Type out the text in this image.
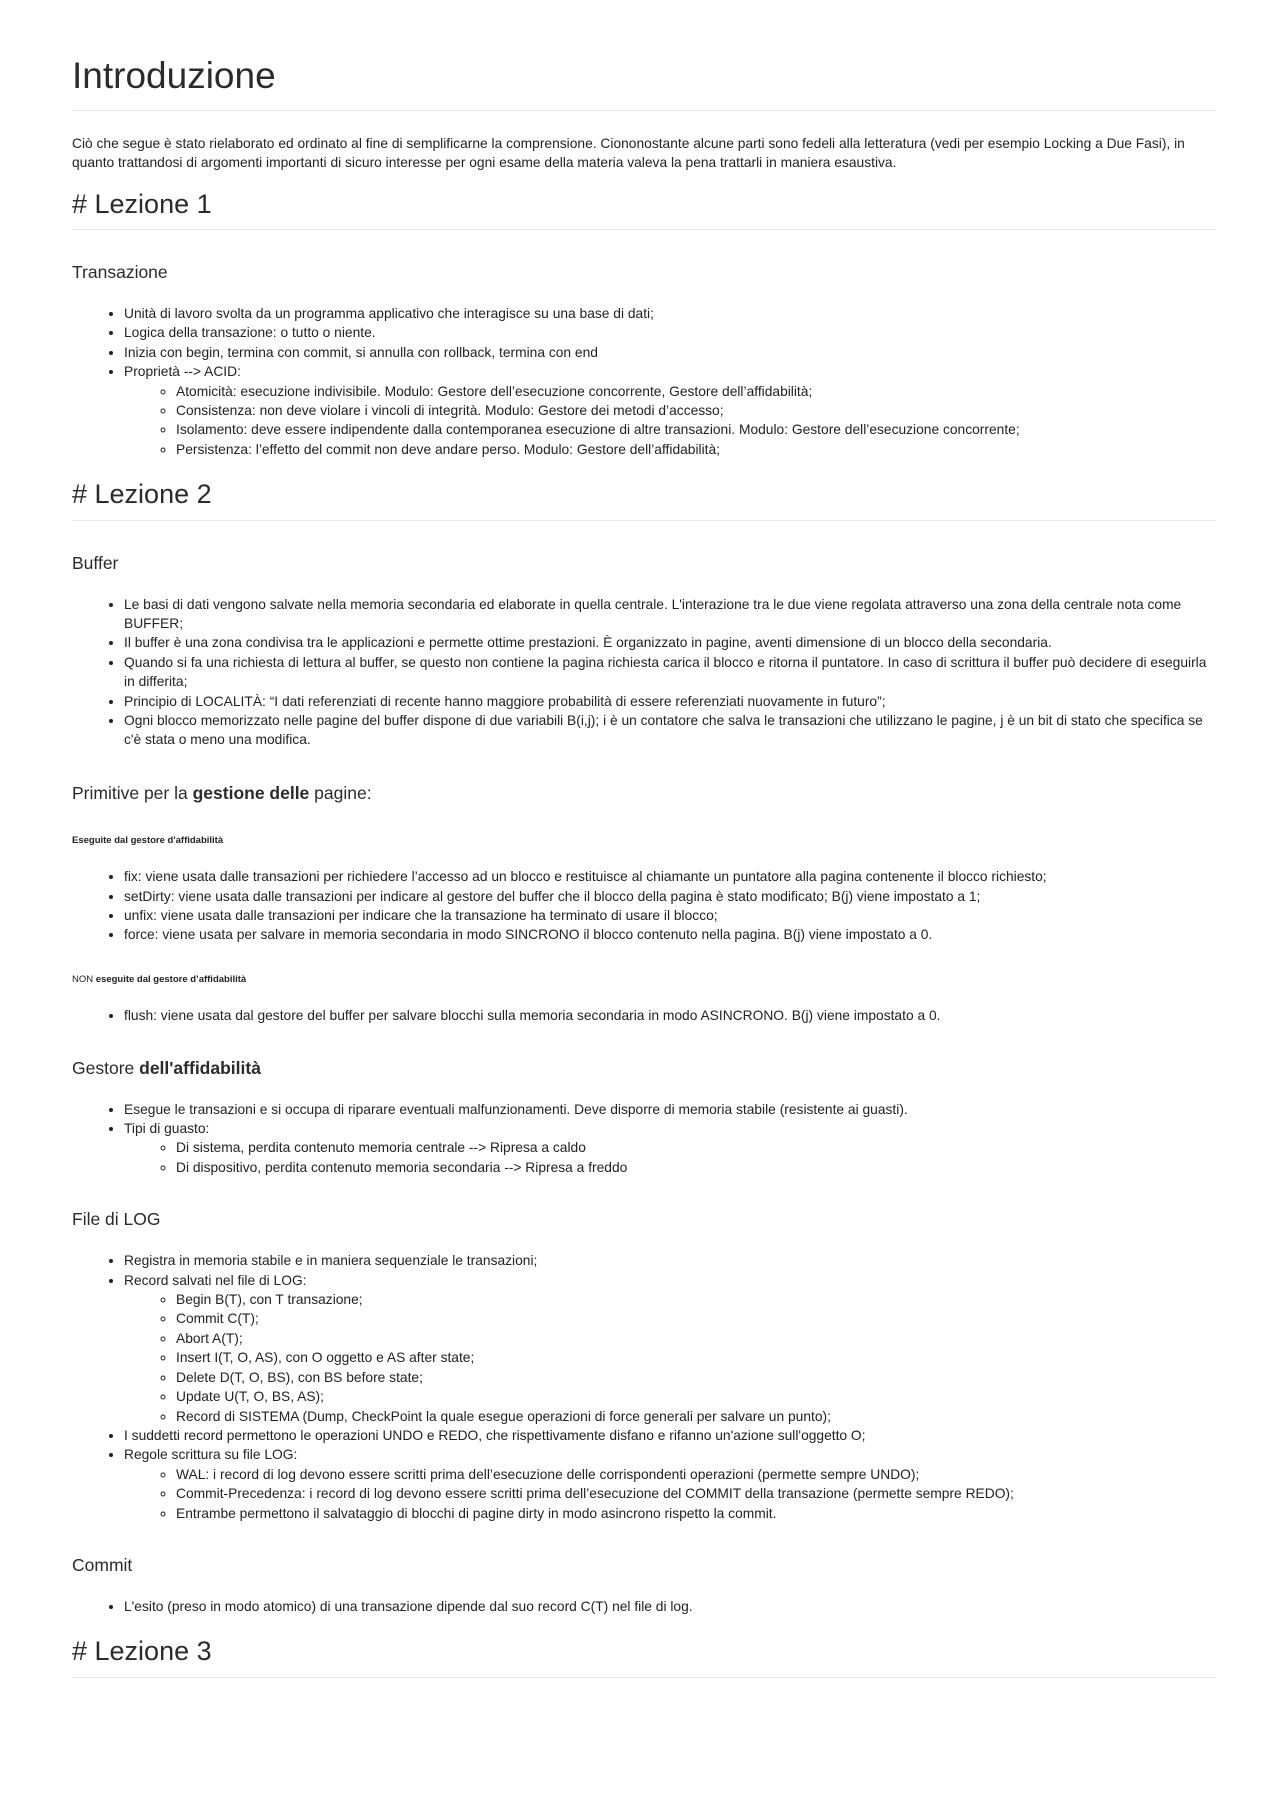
Introduzione

Ciò che segue è stato rielaborato ed ordinato al fine di semplificarne la comprensione. Ciononostante alcune parti sono fedeli alla letteratura (vedi per esempio Locking a Due Fasi), in quanto trattandosi di argomenti importanti di sicuro interesse per ogni esame della materia valeva la pena trattarli in maniera esaustiva.

# Lezione 1
Transazione
• Unità di lavoro svolta da un programma applicativo che interagisce su una base di dati;
• Logica della transazione: o tutto o niente.
• Inizia con begin, termina con commit, si annulla con rollback, termina con end
• Proprietà --> ACID:
◦ Atomicità: esecuzione indivisibile. Modulo: Gestore dell’esecuzione concorrente, Gestore dell’affidabilità;
◦ Consistenza: non deve violare i vincoli di integrità. Modulo: Gestore dei metodi d’accesso;
◦ Isolamento: deve essere indipendente dalla contemporanea esecuzione di altre transazioni. Modulo: Gestore dell’esecuzione concorrente;
◦ Persistenza: l’effetto del commit non deve andare perso. Modulo: Gestore dell’affidabilità;
# Lezione 2
Buffer
• Le basi di dati vengono salvate nella memoria secondaria ed elaborate in quella centrale. L'interazione tra le due viene regolata attraverso una zona della centrale nota come BUFFER;
• Il buffer è una zona condivisa tra le applicazioni e permette ottime prestazioni. È organizzato in pagine, aventi dimensione di un blocco della secondaria.
• Quando si fa una richiesta di lettura al buffer, se questo non contiene la pagina richiesta carica il blocco e ritorna il puntatore. In caso di scrittura il buffer può decidere di eseguirla in differita;
• Principio di LOCALITÀ: “I dati referenziati di recente hanno maggiore probabilità di essere referenziati nuovamente in futuro”;
• Ogni blocco memorizzato nelle pagine del buffer dispone di due variabili B(i,j); i è un contatore che salva le transazioni che utilizzano le pagine, j è un bit di stato che specifica se c'è stata o meno una modifica.
Primitive per la gestione delle pagine:

Eseguite dal gestore d'affidabilità

• fix: viene usata dalle transazioni per richiedere l’accesso ad un blocco e restituisce al chiamante un puntatore alla pagina contenente il blocco richiesto;
• setDirty: viene usata dalle transazioni per indicare al gestore del buffer che il blocco della pagina è stato modificato; B(j) viene impostato a 1;
• unfix: viene usata dalle transazioni per indicare che la transazione ha terminato di usare il blocco;
• force: viene usata per salvare in memoria secondaria in modo SINCRONO il blocco contenuto nella pagina. B(j) viene impostato a 0.

NON eseguite dal gestore d’affidabilità

• flush: viene usata dal gestore del buffer per salvare blocchi sulla memoria secondaria in modo ASINCRONO. B(j) viene impostato a 0.
Gestore dell'affidabilità
• Esegue le transazioni e si occupa di riparare eventuali malfunzionamenti. Deve disporre di memoria stabile (resistente ai guasti).
• Tipi di guasto:
◦ Di sistema, perdita contenuto memoria centrale --> Ripresa a caldo
◦ Di dispositivo, perdita contenuto memoria secondaria --> Ripresa a freddo
File di LOG
• Registra in memoria stabile e in maniera sequenziale le transazioni;
• Record salvati nel file di LOG:
◦ Begin B(T), con T transazione;
◦ Commit C(T);
◦ Abort A(T);
◦ Insert I(T, O, AS), con O oggetto e AS after state;
◦ Delete D(T, O, BS), con BS before state;
◦ Update U(T, O, BS, AS);
◦ Record di SISTEMA (Dump, CheckPoint la quale esegue operazioni di force generali per salvare un punto);
• I suddetti record permettono le operazioni UNDO e REDO, che rispettivamente disfano e rifanno un'azione sull'oggetto O;
• Regole scrittura su file LOG:
◦ WAL: i record di log devono essere scritti prima dell’esecuzione delle corrispondenti operazioni (permette sempre UNDO);
◦ Commit-Precedenza: i record di log devono essere scritti prima dell’esecuzione del COMMIT della transazione (permette sempre REDO);
◦ Entrambe permettono il salvataggio di blocchi di pagine dirty in modo asincrono rispetto la commit.
Commit
• L'esito (preso in modo atomico) di una transazione dipende dal suo record C(T) nel file di log.
# Lezione 3
